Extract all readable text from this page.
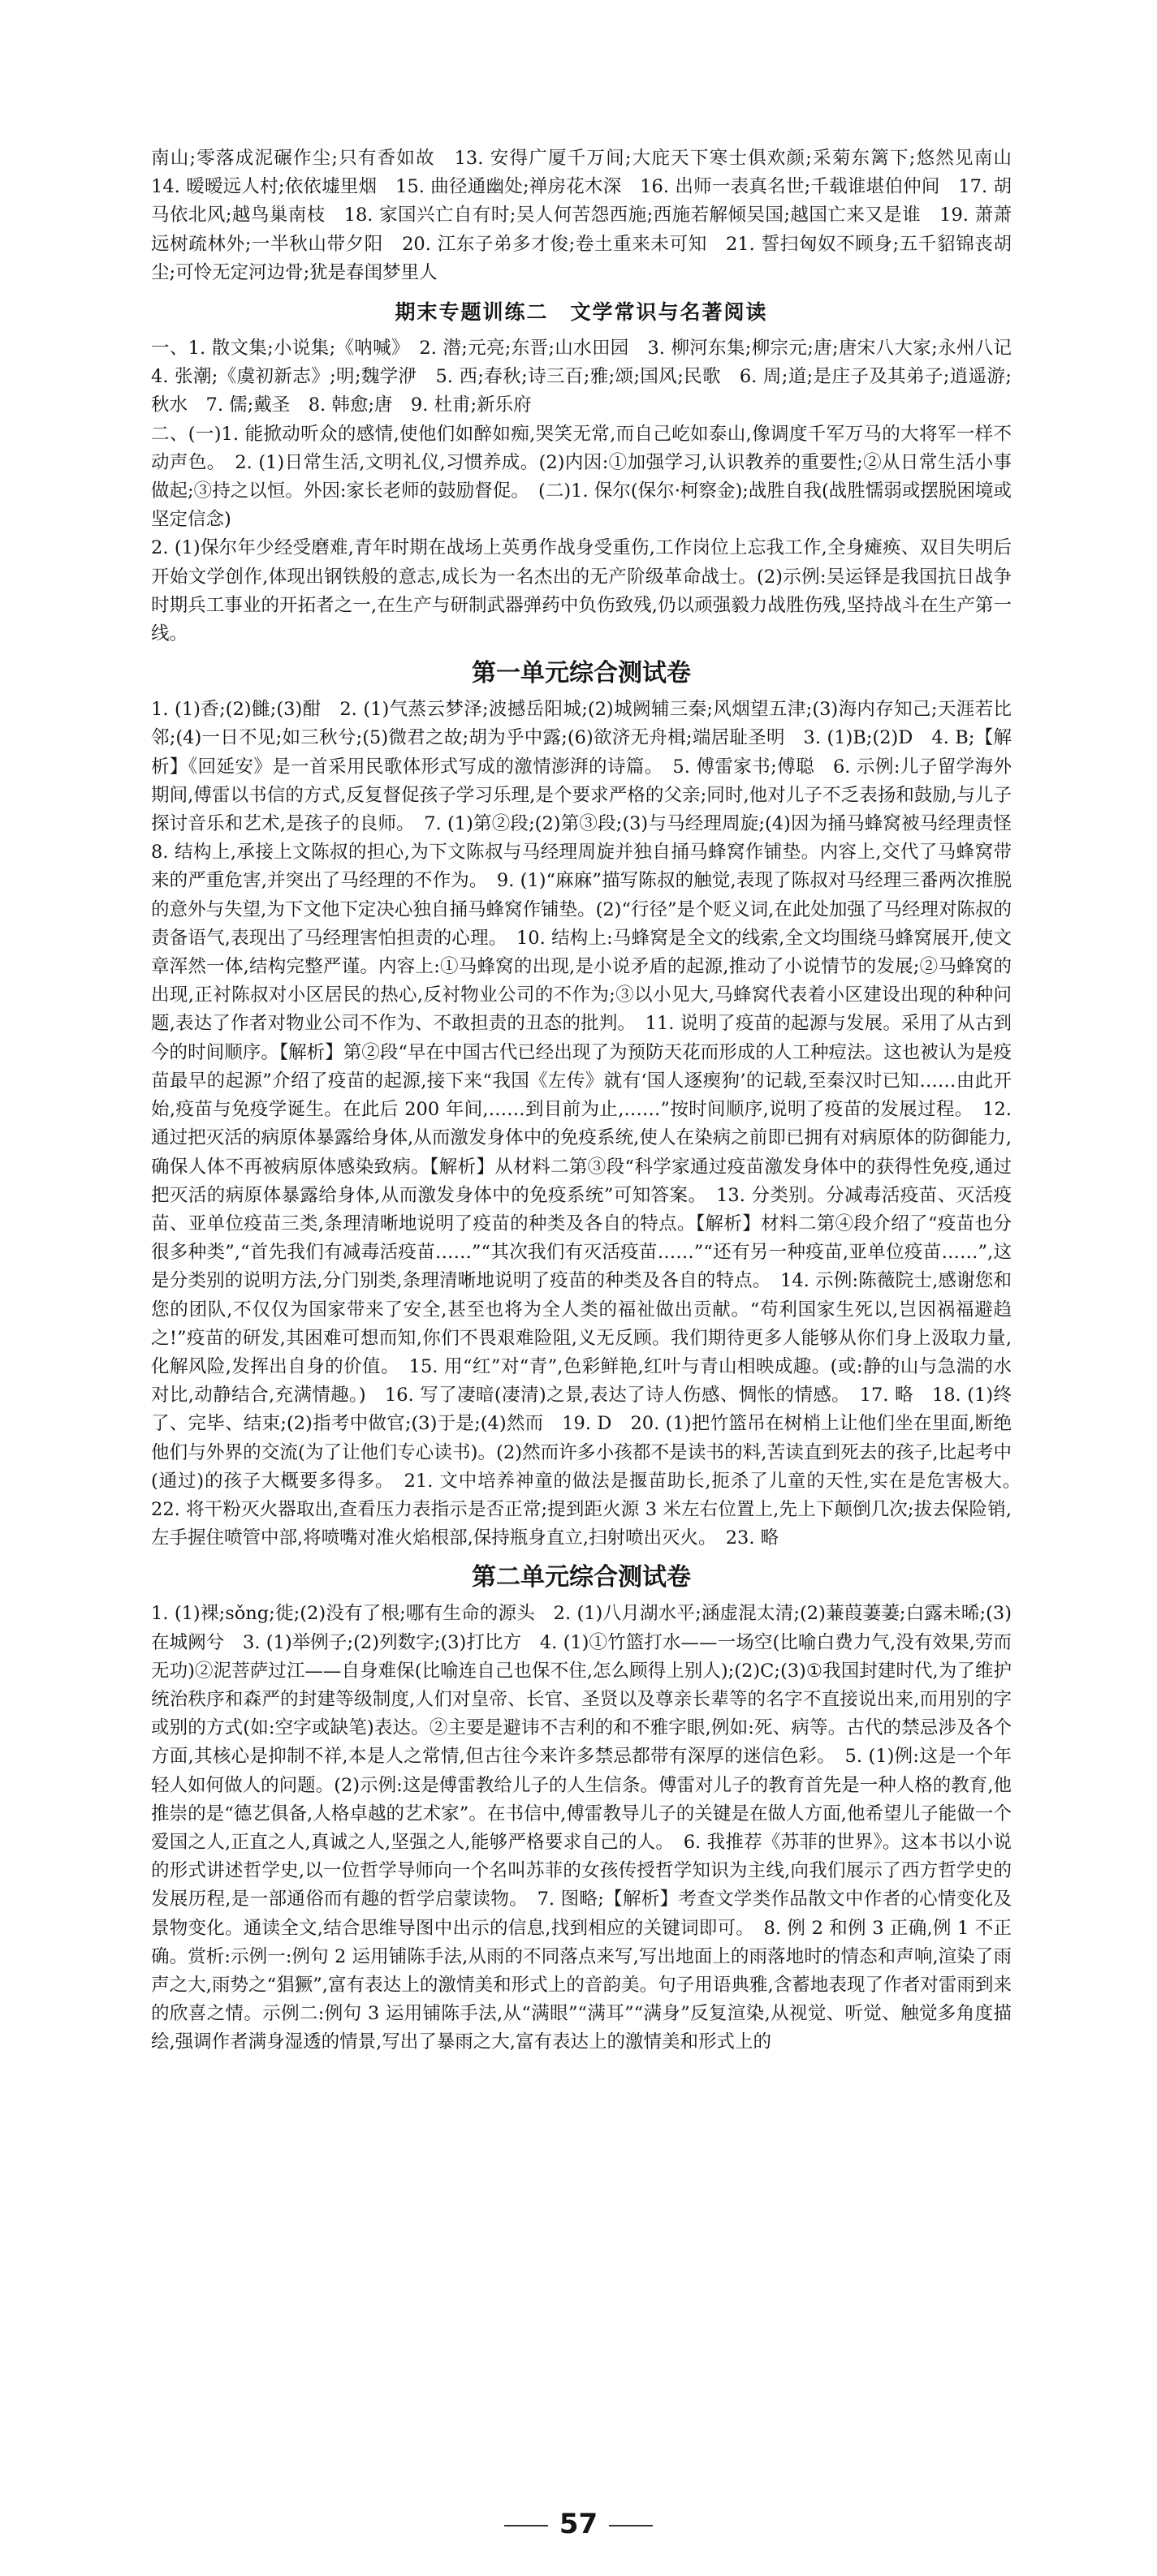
南山;零落成泥碾作尘;只有香如故　13. 安得广厦千万间;大庇天下寒士俱欢颜;采菊东篱下;悠然见南山　14. 暧暧远人村;依依墟里烟　15. 曲径通幽处;禅房花木深　16. 出师一表真名世;千载谁堪伯仲间　17. 胡马依北风;越鸟巢南枝　18. 家国兴亡自有时;吴人何苦怨西施;西施若解倾吴国;越国亡来又是谁　19. 萧萧远树疏林外;一半秋山带夕阳　20. 江东子弟多才俊;卷土重来未可知　21. 誓扫匈奴不顾身;五千貂锦丧胡尘;可怜无定河边骨;犹是春闺梦里人

期末专题训练二　文学常识与名著阅读

一、1. 散文集;小说集;《呐喊》　2. 潜;元亮;东晋;山水田园　3. 柳河东集;柳宗元;唐;唐宋八大家;永州八记　4. 张潮;《虞初新志》;明;魏学洢　5. 西;春秋;诗三百;雅;颂;国风;民歌　6. 周;道;是庄子及其弟子;逍遥游;秋水　7. 儒;戴圣　8. 韩愈;唐　9. 杜甫;新乐府

二、(一)1. 能掀动听众的感情,使他们如醉如痴,哭笑无常,而自己屹如泰山,像调度千军万马的大将军一样不动声色。　2. (1)日常生活,文明礼仪,习惯养成。(2)内因:①加强学习,认识教养的重要性;②从日常生活小事做起;③持之以恒。外因:家长老师的鼓励督促。　(二)1. 保尔(保尔·柯察金);战胜自我(战胜懦弱或摆脱困境或坚定信念)

2. (1)保尔年少经受磨难,青年时期在战场上英勇作战身受重伤,工作岗位上忘我工作,全身瘫痪、双目失明后开始文学创作,体现出钢铁般的意志,成长为一名杰出的无产阶级革命战士。(2)示例:吴运铎是我国抗日战争时期兵工事业的开拓者之一,在生产与研制武器弹药中负伤致残,仍以顽强毅力战胜伤残,坚持战斗在生产第一线。

第一单元综合测试卷

1. (1)香;(2)雠;(3)酣　2. (1)气蒸云梦泽;波撼岳阳城;(2)城阙辅三秦;风烟望五津;(3)海内存知己;天涯若比邻;(4)一日不见;如三秋兮;(5)微君之故;胡为乎中露;(6)欲济无舟楫;端居耻圣明　3. (1)B;(2)D　4. B;【解析】《回延安》是一首采用民歌体形式写成的激情澎湃的诗篇。　5. 傅雷家书;傅聪　6. 示例:儿子留学海外期间,傅雷以书信的方式,反复督促孩子学习乐理,是个要求严格的父亲;同时,他对儿子不乏表扬和鼓励,与儿子探讨音乐和艺术,是孩子的良师。　7. (1)第②段;(2)第③段;(3)与马经理周旋;(4)因为捅马蜂窝被马经理责怪　8. 结构上,承接上文陈叔的担心,为下文陈叔与马经理周旋并独自捅马蜂窝作铺垫。内容上,交代了马蜂窝带来的严重危害,并突出了马经理的不作为。　9. (1)“麻麻”描写陈叔的触觉,表现了陈叔对马经理三番两次推脱的意外与失望,为下文他下定决心独自捅马蜂窝作铺垫。(2)“行径”是个贬义词,在此处加强了马经理对陈叔的责备语气,表现出了马经理害怕担责的心理。　10. 结构上:马蜂窝是全文的线索,全文均围绕马蜂窝展开,使文章浑然一体,结构完整严谨。内容上:①马蜂窝的出现,是小说矛盾的起源,推动了小说情节的发展;②马蜂窝的出现,正衬陈叔对小区居民的热心,反衬物业公司的不作为;③以小见大,马蜂窝代表着小区建设出现的种种问题,表达了作者对物业公司不作为、不敢担责的丑态的批判。　11. 说明了疫苗的起源与发展。采用了从古到今的时间顺序。【解析】第②段“早在中国古代已经出现了为预防天花而形成的人工种痘法。这也被认为是疫苗最早的起源”介绍了疫苗的起源,接下来“我国《左传》就有‘国人逐瘈狗’的记载,至秦汉时已知……由此开始,疫苗与免疫学诞生。在此后 200 年间,……到目前为止,……”按时间顺序,说明了疫苗的发展过程。　12. 通过把灭活的病原体暴露给身体,从而激发身体中的免疫系统,使人在染病之前即已拥有对病原体的防御能力,确保人体不再被病原体感染致病。【解析】从材料二第③段“科学家通过疫苗激发身体中的获得性免疫,通过把灭活的病原体暴露给身体,从而激发身体中的免疫系统”可知答案。　13. 分类别。分减毒活疫苗、灭活疫苗、亚单位疫苗三类,条理清晰地说明了疫苗的种类及各自的特点。【解析】材料二第④段介绍了“疫苗也分很多种类”,“首先我们有减毒活疫苗……”“其次我们有灭活疫苗……”“还有另一种疫苗,亚单位疫苗……”,这是分类别的说明方法,分门别类,条理清晰地说明了疫苗的种类及各自的特点。　14. 示例:陈薇院士,感谢您和您的团队,不仅仅为国家带来了安全,甚至也将为全人类的福祉做出贡献。“苟利国家生死以,岂因祸福避趋之!”疫苗的研发,其困难可想而知,你们不畏艰难险阻,义无反顾。我们期待更多人能够从你们身上汲取力量,化解风险,发挥出自身的价值。　15. 用“红”对“青”,色彩鲜艳,红叶与青山相映成趣。(或:静的山与急湍的水对比,动静结合,充满情趣。)　16. 写了凄暗(凄清)之景,表达了诗人伤感、惆怅的情感。　17. 略　18. (1)终了、完毕、结束;(2)指考中做官;(3)于是;(4)然而　19. D　20. (1)把竹篮吊在树梢上让他们坐在里面,断绝他们与外界的交流(为了让他们专心读书)。(2)然而许多小孩都不是读书的料,苦读直到死去的孩子,比起考中(通过)的孩子大概要多得多。　21. 文中培养神童的做法是揠苗助长,扼杀了儿童的天性,实在是危害极大。　22. 将干粉灭火器取出,查看压力表指示是否正常;提到距火源 3 米左右位置上,先上下颠倒几次;拔去保险销,左手握住喷管中部,将喷嘴对准火焰根部,保持瓶身直立,扫射喷出灭火。　23. 略

第二单元综合测试卷

1. (1)裸;sǒng;徙;(2)没有了根;哪有生命的源头　2. (1)八月湖水平;涵虚混太清;(2)蒹葭萋萋;白露未晞;(3)在城阙兮　3. (1)举例子;(2)列数字;(3)打比方　4. (1)①竹篮打水——一场空(比喻白费力气,没有效果,劳而无功)②泥菩萨过江——自身难保(比喻连自己也保不住,怎么顾得上别人);(2)C;(3)①我国封建时代,为了维护统治秩序和森严的封建等级制度,人们对皇帝、长官、圣贤以及尊亲长辈等的名字不直接说出来,而用别的字或别的方式(如:空字或缺笔)表达。②主要是避讳不吉利的和不雅字眼,例如:死、病等。古代的禁忌涉及各个方面,其核心是抑制不祥,本是人之常情,但古往今来许多禁忌都带有深厚的迷信色彩。　5. (1)例:这是一个年轻人如何做人的问题。(2)示例:这是傅雷教给儿子的人生信条。傅雷对儿子的教育首先是一种人格的教育,他推崇的是“德艺俱备,人格卓越的艺术家”。在书信中,傅雷教导儿子的关键是在做人方面,他希望儿子能做一个爱国之人,正直之人,真诚之人,坚强之人,能够严格要求自己的人。　6. 我推荐《苏菲的世界》。这本书以小说的形式讲述哲学史,以一位哲学导师向一个名叫苏菲的女孩传授哲学知识为主线,向我们展示了西方哲学史的发展历程,是一部通俗而有趣的哲学启蒙读物。　7. 图略;【解析】考查文学类作品散文中作者的心情变化及景物变化。通读全文,结合思维导图中出示的信息,找到相应的关键词即可。　8. 例 2 和例 3 正确,例 1 不正确。赏析:示例一:例句 2 运用铺陈手法,从雨的不同落点来写,写出地面上的雨落地时的情态和声响,渲染了雨声之大,雨势之“猖獗”,富有表达上的激情美和形式上的音韵美。句子用语典雅,含蓄地表现了作者对雷雨到来的欣喜之情。示例二:例句 3 运用铺陈手法,从“满眼”“满耳”“满身”反复渲染,从视觉、听觉、触觉多角度描绘,强调作者满身湿透的情景,写出了暴雨之大,富有表达上的激情美和形式上的

57
